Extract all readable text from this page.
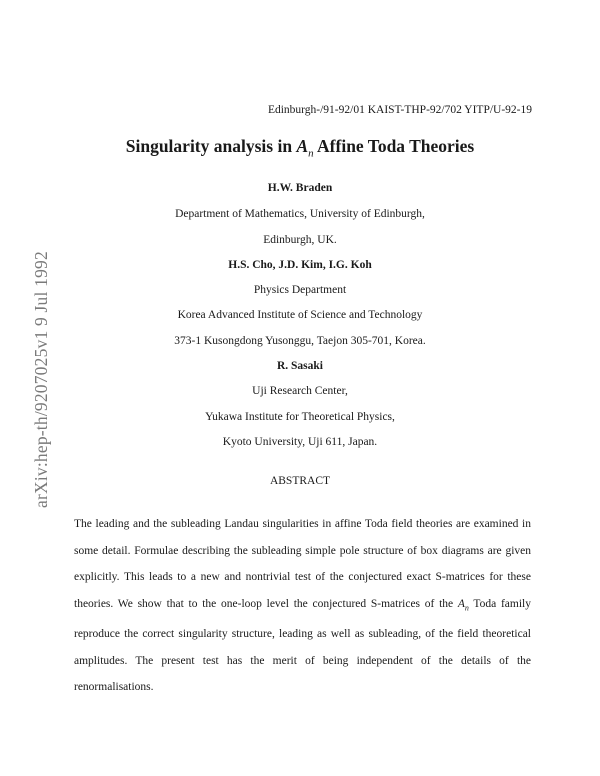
Edinburgh-/91-92/01 KAIST-THP-92/702 YITP/U-92-19
arXiv:hep-th/9207025v1 9 Jul 1992
Singularity analysis in $A_n$ Affine Toda Theories
H.W. Braden
Department of Mathematics, University of Edinburgh,
Edinburgh, UK.
H.S. Cho, J.D. Kim, I.G. Koh
Physics Department
Korea Advanced Institute of Science and Technology
373-1 Kusongdong Yusonggu, Taejon 305-701, Korea.
R. Sasaki
Uji Research Center,
Yukawa Institute for Theoretical Physics,
Kyoto University, Uji 611, Japan.
ABSTRACT
The leading and the subleading Landau singularities in affine Toda field theories are examined in some detail. Formulae describing the subleading simple pole structure of box diagrams are given explicitly. This leads to a new and nontrivial test of the conjectured exact S-matrices for these theories. We show that to the one-loop level the conjectured S-matrices of the $A_n$ Toda family reproduce the correct singularity structure, leading as well as subleading, of the field theoretical amplitudes. The present test has the merit of being independent of the details of the renormalisations.
